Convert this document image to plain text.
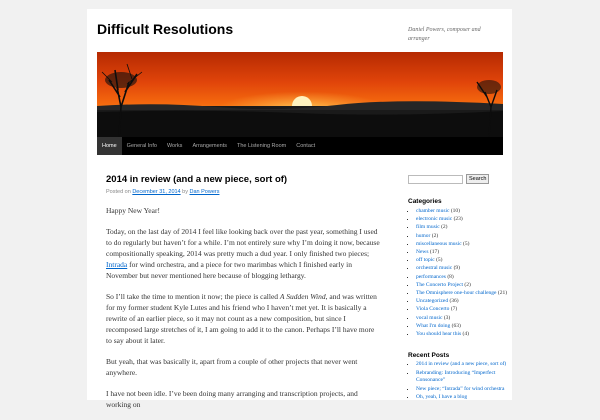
Difficult Resolutions	Daniel Powers, composer and arranger
Home	General Info	Works	Arrangements	The Listening Room	Contact
2014 in review (and a new piece, sort of)
Posted on December 31, 2014 by Dan Powers

Happy New Year!

Today, on the last day of 2014 I feel like looking back over the past year, something I used to do regularly but haven’t for a while. I’m not entirely sure why I’m doing it now, because compositionally speaking, 2014 was pretty much a dud year. I only finished two pieces; Intrada for wind orchestra, and a piece for two marimbas which I finished early in November but never mentioned here because of blogging lethargy.

So I’ll take the time to mention it now; the piece is called A Sudden Wind, and was written for my former student Kyle Lutes and his friend who I haven’t met yet. It is basically a rewrite of an earlier piece, so it may not count as a new composition, but since I recomposed large stretches of it, I am going to add it to the canon. Perhaps I’ll have more to say about it later.

But yeah, that was basically it, apart from a couple of other projects that never went anywhere.

I have not been idle. I’ve been doing many arranging and transcription projects, and working on

Search
Categories
▪ chamber music (10)
▪ electronic music (23)
▪ film music (2)
▪ humor (2)
▪ miscellaneous music (5)
▪ News (17)
▪ off topic (5)
▪ orchestral music (9)
▪ performances (8)
▪ The Concerto Project (2)
▪ The Omnisphere one-hour challenge (21)
▪ Uncategorized (36)
▪ Viola Concerto (7)
▪ vocal music (3)
▪ What I'm doing (63)
▪ You should hear this (4)
Recent Posts
▪ 2014 in review (and a new piece, sort of)
▪ Rebranding: Introducing “Imperfect Consonance”
▪ New piece; “Intrada” for wind orchestra
▪ Oh, yeah, I have a blog
